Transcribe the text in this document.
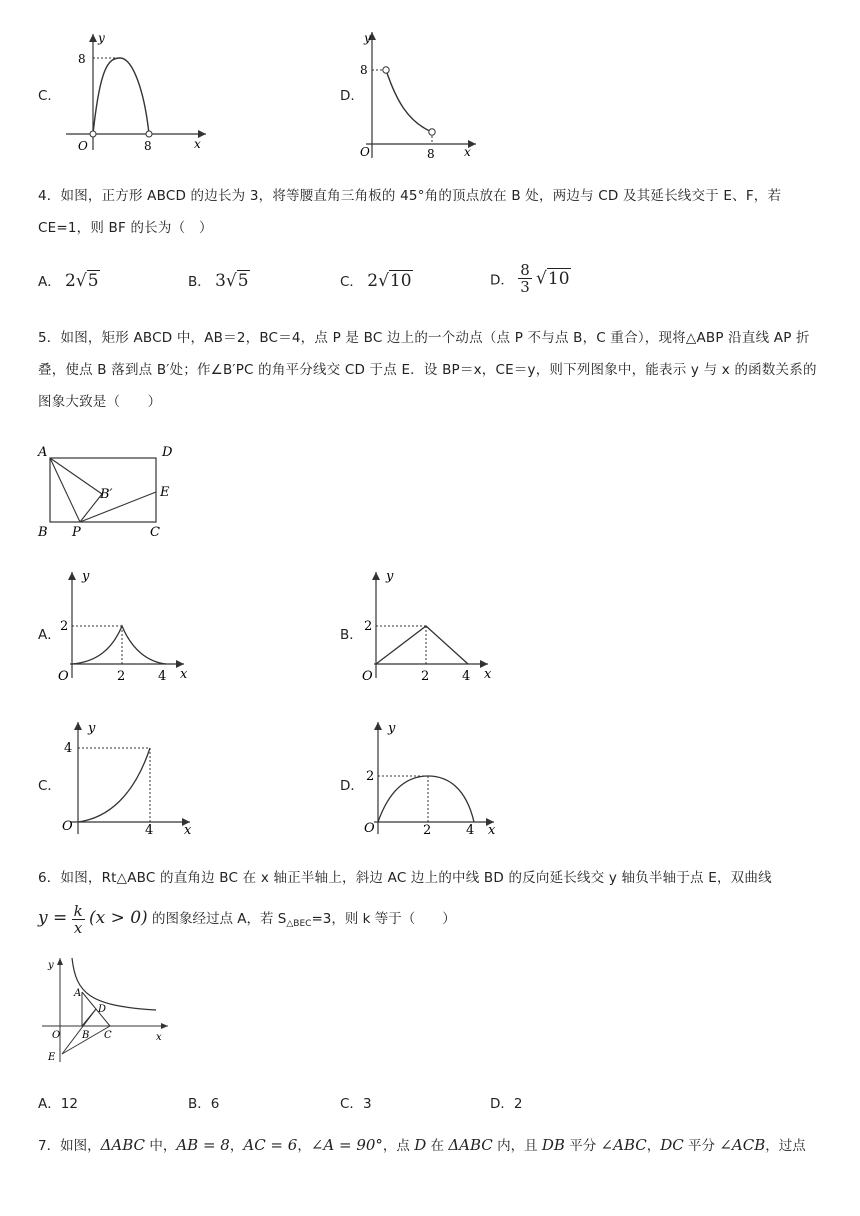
C.
y
x
O
8
8
D.
y
x
O
8
8
4．如图，正方形 ABCD 的边长为 3，将等腰直角三角板的 45°角的顶点放在 B 处，两边与 CD 及其延长线交于 E、F，若 CE=1，则 BF 的长为（　）
A． 2√5	B． 3√5	C． 2√10	D． $\frac{8}{3} √10$
5．如图，矩形 ABCD 中，AB＝2，BC＝4，点 P 是 BC 边上的一个动点（点 P 不与点 B，C 重合），现将△ABP 沿直线 AP 折叠，使点 B 落到点 B′处；作∠B′PC 的角平分线交 CD 于点 E．设 BP＝x，CE＝y，则下列图象中，能表示 y 与 x 的函数关系的图象大致是（　　）
A	D
B P	C
E
B′
A．
y
x
O
2
2	4
B．
y
x
O
2
2	4
C．
y
x
O
4
4
D．
y
x
O
2
2	4
6．如图，Rt△ABC 的直角边 BC 在 x 轴正半轴上，斜边 AC 边上的中线 BD 的反向延长线交 y 轴负半轴于点 E，双曲线
$y = \frac{k}{x} (x > 0)$ 的图象经过点 A，若 $S_{\triangle BEC}=3$，则 k 等于（　　）
y
x
O
A
B C
D
E
A．12	B．6	C．3	D．2
7．如图，ΔABC 中，AB = 8，AC = 6，∠A = 90°，点 D 在 ΔABC 内，且 DB 平分 ∠ABC，DC 平分 ∠ACB，过点
